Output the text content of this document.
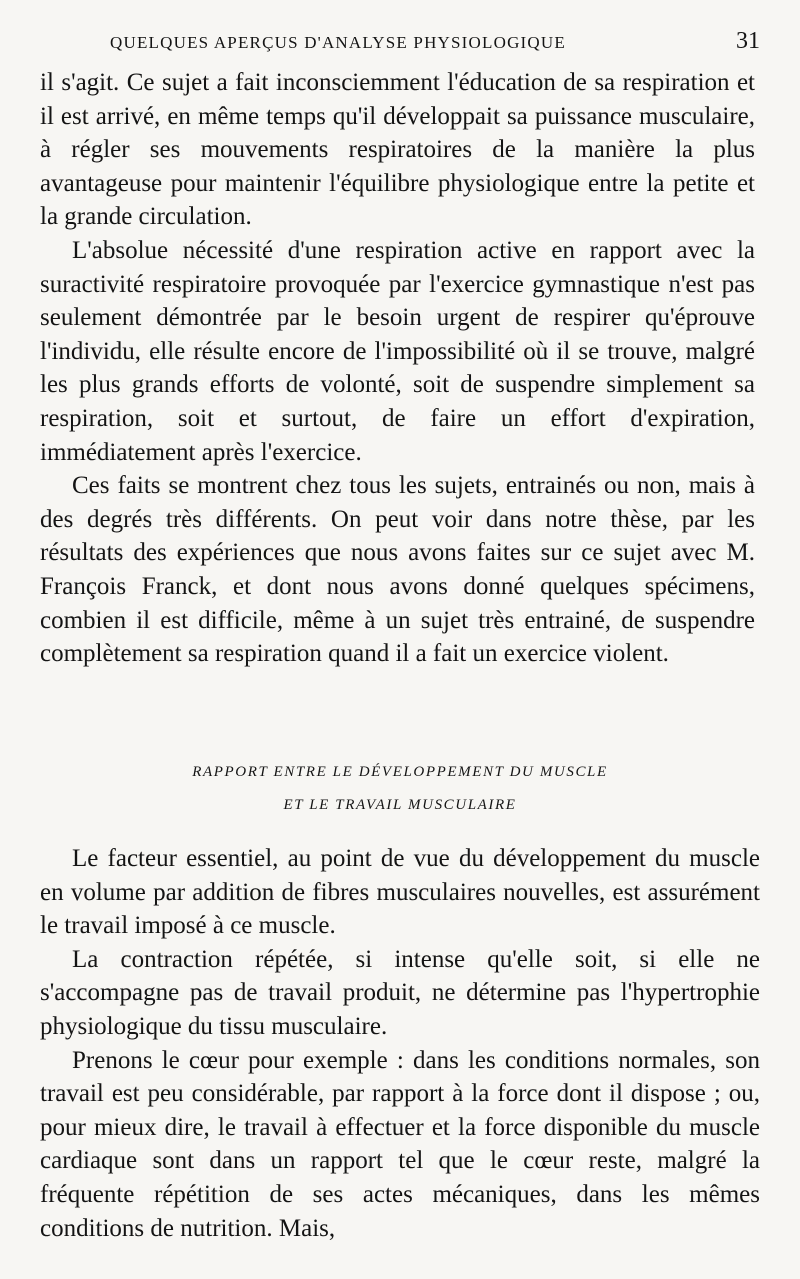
QUELQUES APERÇUS D'ANALYSE PHYSIOLOGIQUE	31

il s'agit. Ce sujet a fait inconsciemment l'éducation de sa respiration et il est arrivé, en même temps qu'il développait sa puissance musculaire, à régler ses mouvements respiratoires de la manière la plus avantageuse pour maintenir l'équilibre physiologique entre la petite et la grande circulation.

L'absolue nécessité d'une respiration active en rapport avec la suractivité respiratoire provoquée par l'exercice gymnastique n'est pas seulement démontrée par le besoin urgent de respirer qu'éprouve l'individu, elle résulte encore de l'impossibilité où il se trouve, malgré les plus grands efforts de volonté, soit de suspendre simplement sa respiration, soit et surtout, de faire un effort d'expiration, immédiatement après l'exercice.

Ces faits se montrent chez tous les sujets, entrainés ou non, mais à des degrés très différents. On peut voir dans notre thèse, par les résultats des expériences que nous avons faites sur ce sujet avec M. François Franck, et dont nous avons donné quelques spécimens, combien il est difficile, même à un sujet très entrainé, de suspendre complètement sa respiration quand il a fait un exercice violent.

RAPPORT ENTRE LE DÉVELOPPEMENT DU MUSCLE
ET LE TRAVAIL MUSCULAIRE

Le facteur essentiel, au point de vue du développement du muscle en volume par addition de fibres musculaires nouvelles, est assurément le travail imposé à ce muscle.

La contraction répétée, si intense qu'elle soit, si elle ne s'accompagne pas de travail produit, ne détermine pas l'hypertrophie physiologique du tissu musculaire.

Prenons le cœur pour exemple : dans les conditions normales, son travail est peu considérable, par rapport à la force dont il dispose ; ou, pour mieux dire, le travail à effectuer et la force disponible du muscle cardiaque sont dans un rapport tel que le cœur reste, malgré la fréquente répétition de ses actes mécaniques, dans les mêmes conditions de nutrition. Mais,
